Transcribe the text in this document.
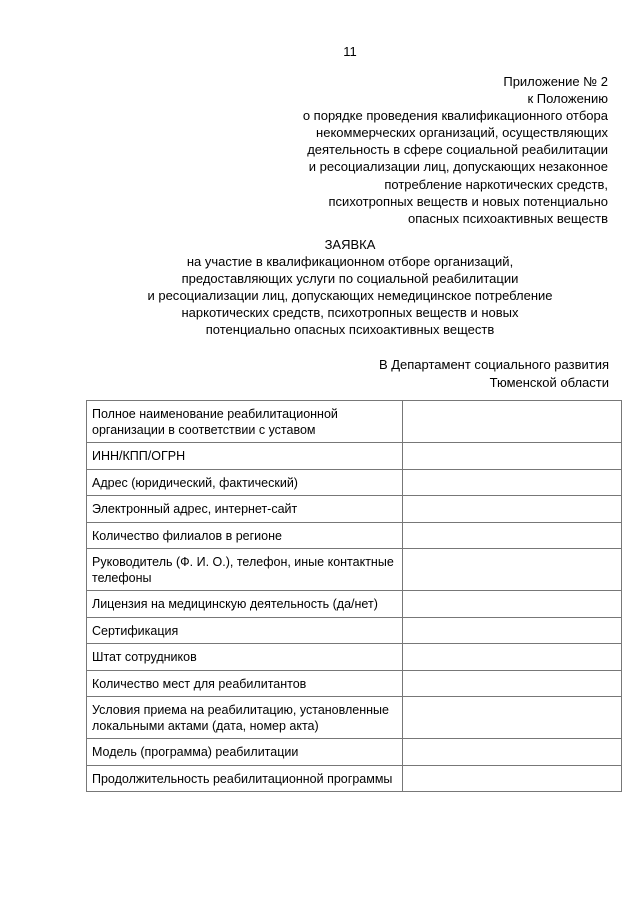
11
Приложение № 2
к Положению
о порядке проведения квалификационного отбора
некоммерческих организаций, осуществляющих
деятельность в сфере социальной реабилитации
и ресоциализации лиц, допускающих незаконное
потребление наркотических средств,
психотропных веществ и новых потенциально
опасных психоактивных веществ
ЗАЯВКА
на участие в квалификационном отборе организаций,
предоставляющих услуги по социальной реабилитации
и ресоциализации лиц, допускающих немедицинское потребление
наркотических средств, психотропных веществ и новых
потенциально опасных психоактивных веществ
В Департамент социального развития
Тюменской области
Полное наименование реабилитационной организации в соответствии с уставом	
ИНН/КПП/ОГРН	
Адрес (юридический, фактический)	
Электронный адрес, интернет-сайт	
Количество филиалов в регионе	
Руководитель (Ф. И. О.), телефон, иные контактные телефоны	
Лицензия на медицинскую деятельность (да/нет)	
Сертификация	
Штат сотрудников	
Количество мест для реабилитантов	
Условия приема на реабилитацию, установленные локальными актами (дата, номер акта)	
Модель (программа) реабилитации	
Продолжительность реабилитационной программы	
